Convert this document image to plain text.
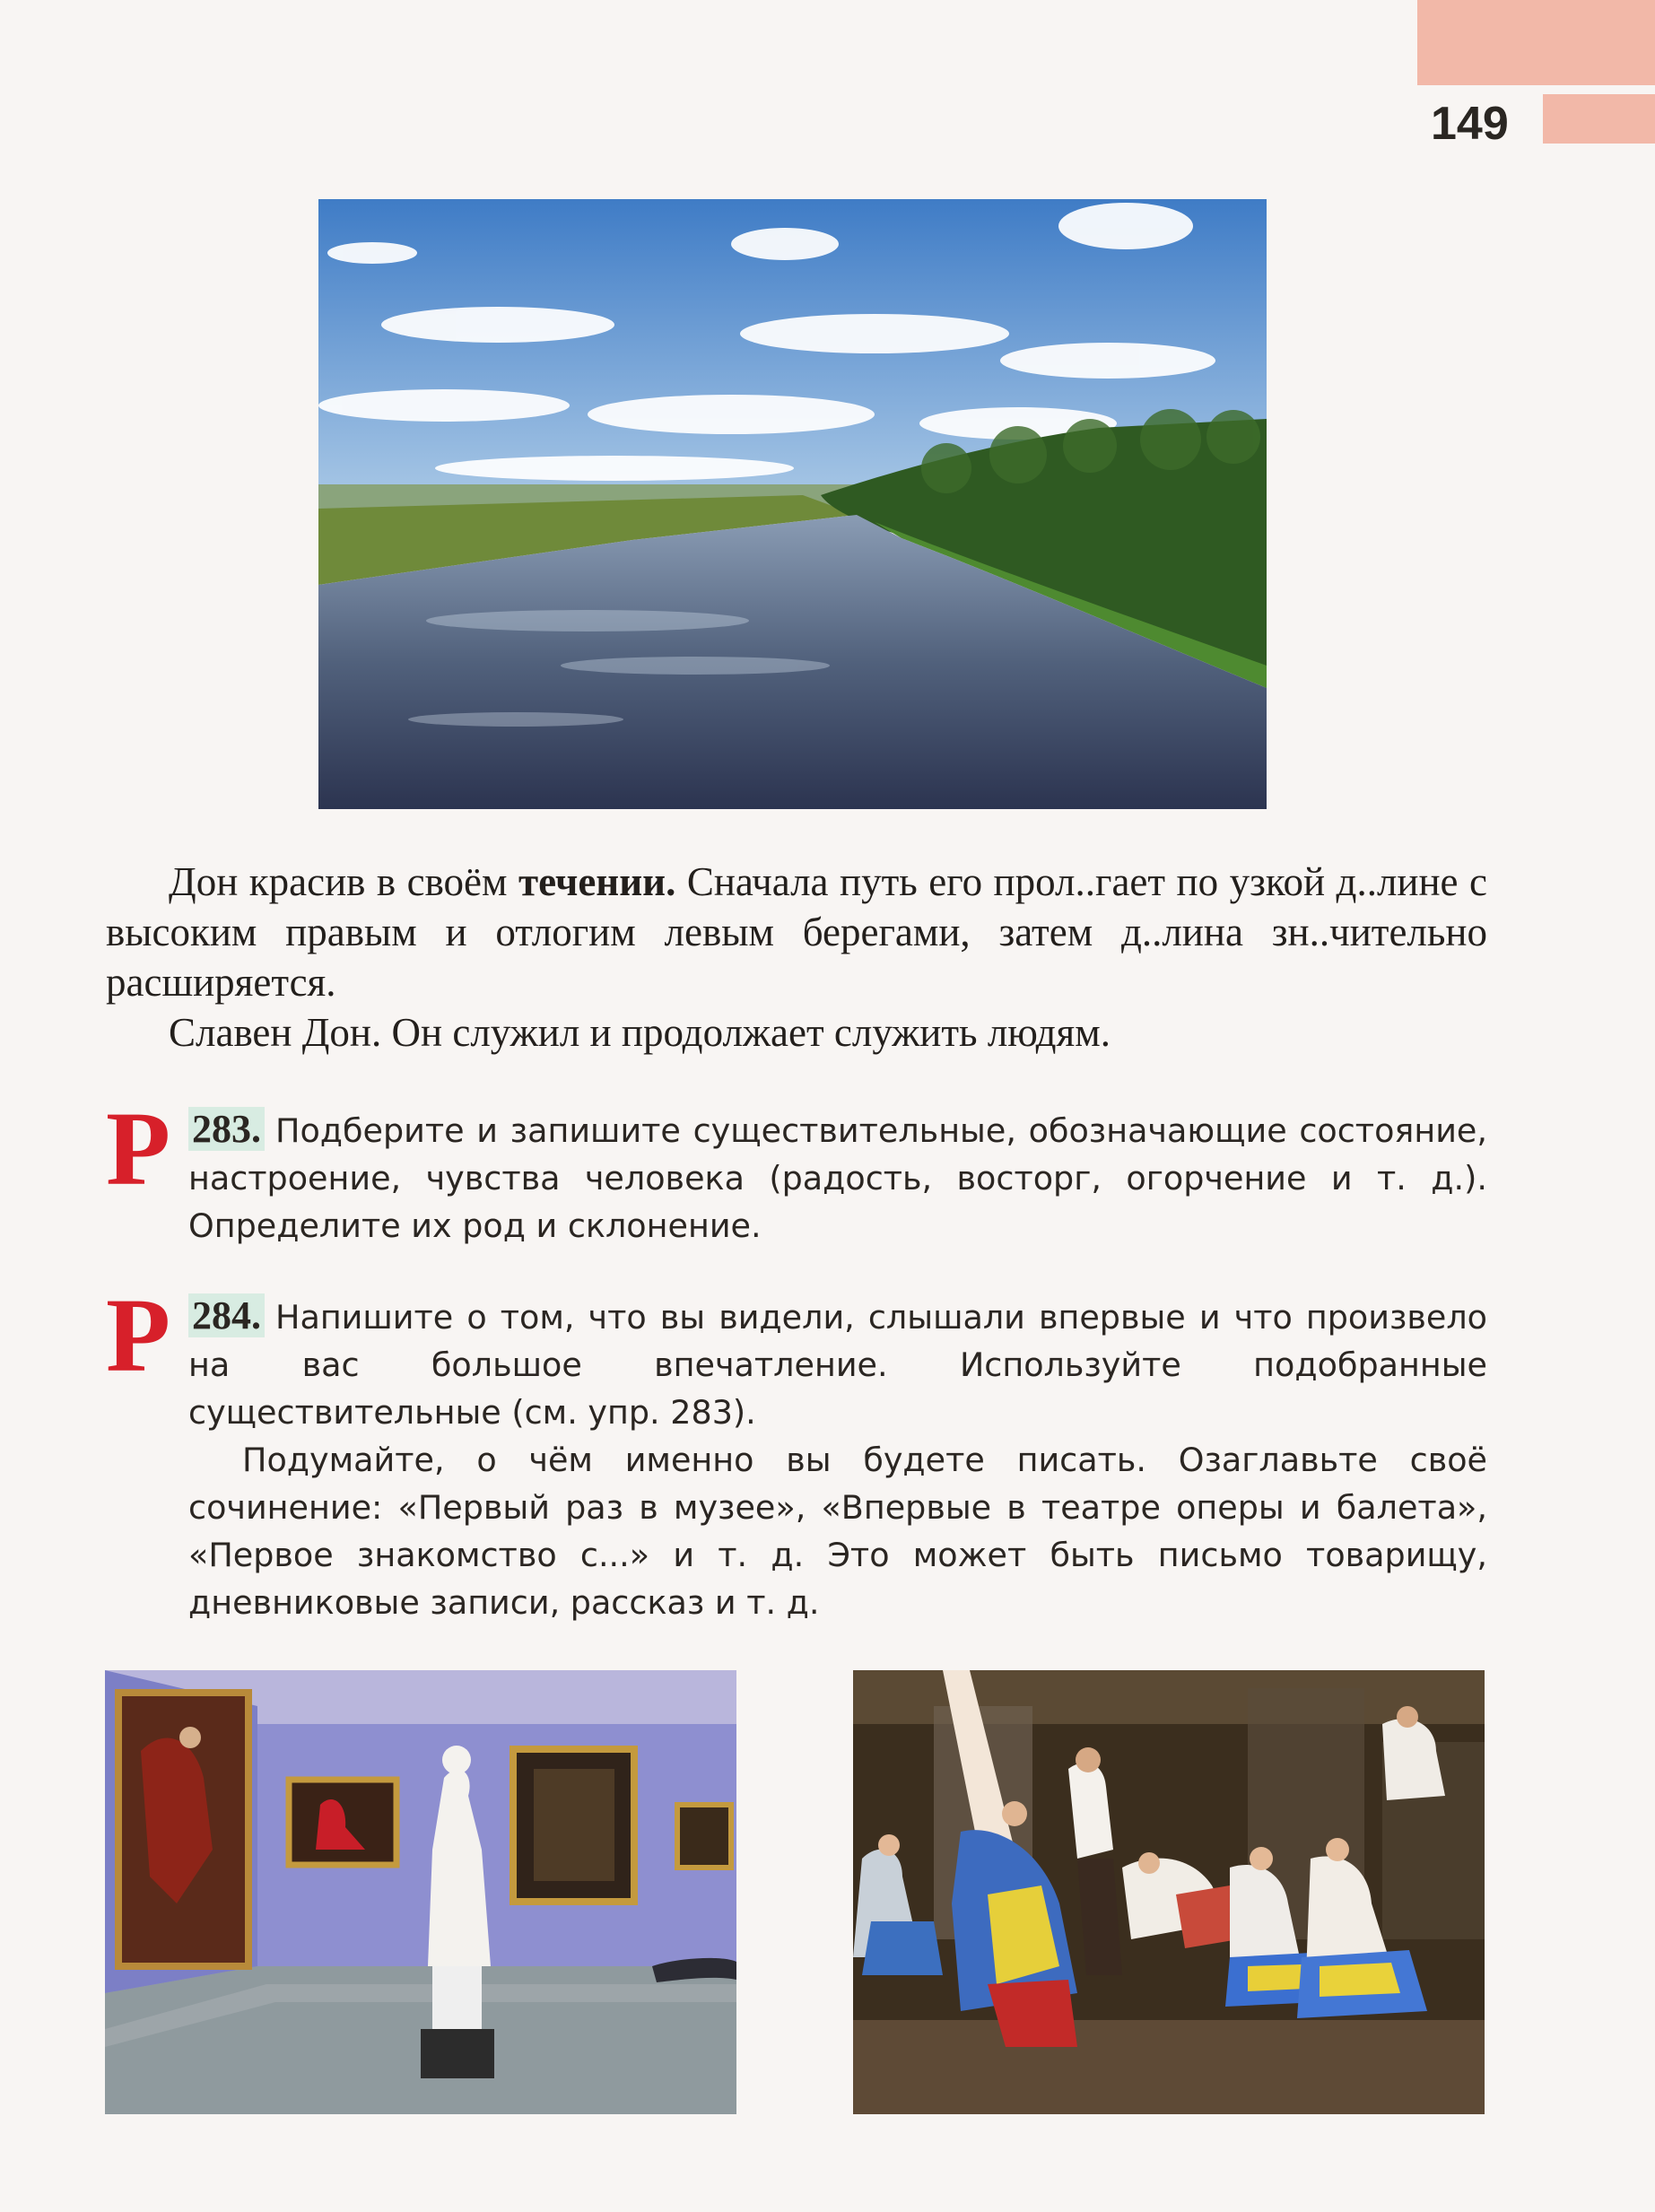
149

Дон красив в своём течении. Сначала путь его прол..гает по узкой д..лине с высоким правым и отлогим левым берегами, затем д..лина зн..чительно расширяется.

Славен Дон. Он служил и продолжает служить людям.

Р 283. Подберите и запишите существительные, обозначающие состояние, настроение, чувства человека (радость, восторг, огорчение и т. д.). Определите их род и склонение.

Р 284. Напишите о том, что вы видели, слышали впервые и что произвело на вас большое впечатление. Используйте подобранные существительные (см. упр. 283).

Подумайте, о чём именно вы будете писать. Озаглавьте своё сочинение: «Первый раз в музее», «Впервые в театре оперы и балета», «Первое знакомство с...» и т. д. Это может быть письмо товарищу, дневниковые записи, рассказ и т. д.
